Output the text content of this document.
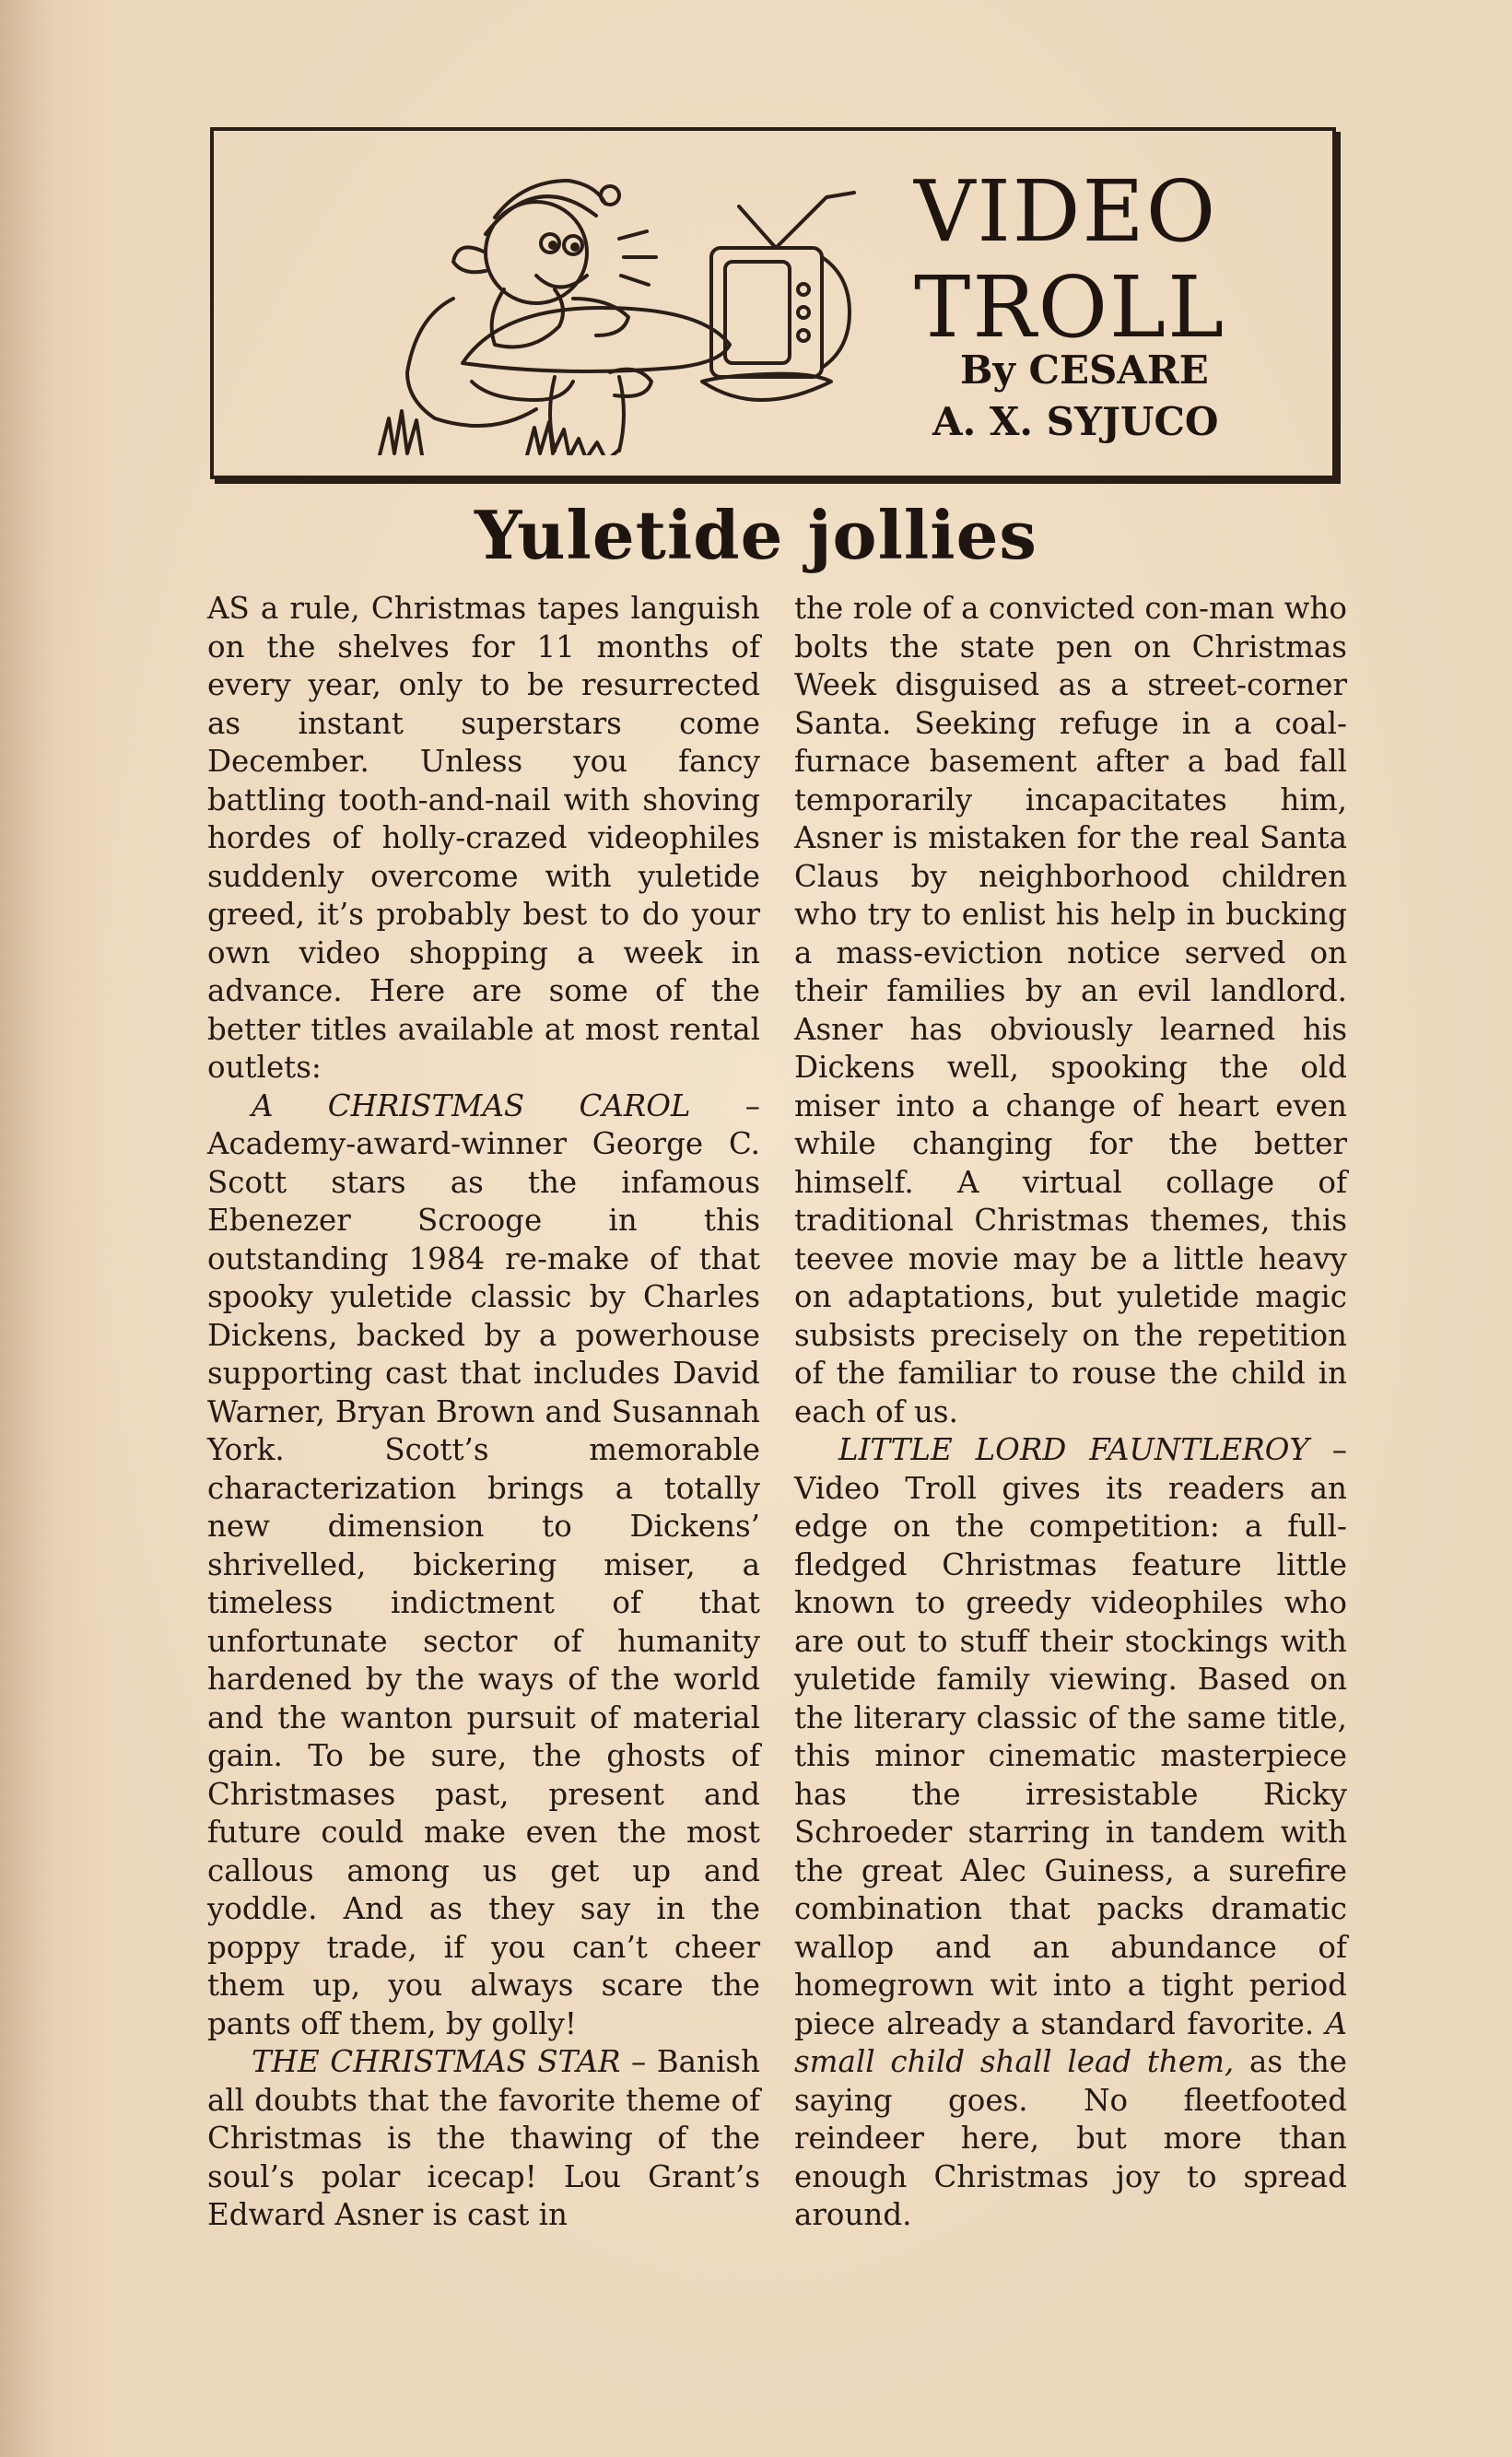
VIDEO
TROLL
By CESARE
A. X. SYJUCO
Yuletide jollies

AS a rule, Christmas tapes languish on the shelves for 11 months of every year, only to be resurrected as instant superstars come December. Unless you fancy battling tooth-and-nail with shoving hordes of holly-crazed videophiles suddenly overcome with yuletide greed, it’s probably best to do your own video shopping a week in advance. Here are some of the better titles available at most rental outlets:

A CHRISTMAS CAROL – Academy-award-winner George C. Scott stars as the infamous Ebenezer Scrooge in this outstanding 1984 re-make of that spooky yuletide classic by Charles Dickens, backed by a powerhouse supporting cast that includes David Warner, Bryan Brown and Susannah York. Scott’s memorable characterization brings a totally new dimension to Dickens’ shrivelled, bickering miser, a timeless indictment of that unfortunate sector of humanity hardened by the ways of the world and the wanton pursuit of material gain. To be sure, the ghosts of Christmases past, present and future could make even the most callous among us get up and yoddle. And as they say in the poppy trade, if you can’t cheer them up, you always scare the pants off them, by golly!

THE CHRISTMAS STAR – Banish all doubts that the favorite theme of Christmas is the thawing of the soul’s polar icecap! Lou Grant’s Edward Asner is cast in

the role of a convicted con-man who bolts the state pen on Christmas Week disguised as a street-corner Santa. Seeking refuge in a coal-furnace basement after a bad fall temporarily incapacitates him, Asner is mistaken for the real Santa Claus by neighborhood children who try to enlist his help in bucking a mass-eviction notice served on their families by an evil landlord. Asner has obviously learned his Dickens well, spooking the old miser into a change of heart even while changing for the better himself. A virtual collage of traditional Christmas themes, this teevee movie may be a little heavy on adaptations, but yuletide magic subsists precisely on the repetition of the familiar to rouse the child in each of us.

LITTLE LORD FAUNTLEROY – Video Troll gives its readers an edge on the competition: a full-fledged Christmas feature little known to greedy videophiles who are out to stuff their stockings with yuletide family viewing. Based on the literary classic of the same title, this minor cinematic masterpiece has the irresistable Ricky Schroeder starring in tandem with the great Alec Guiness, a surefire combination that packs dramatic wallop and an abundance of homegrown wit into a tight period piece already a standard favorite. A small child shall lead them, as the saying goes. No fleetfooted reindeer here, but more than enough Christmas joy to spread around.
